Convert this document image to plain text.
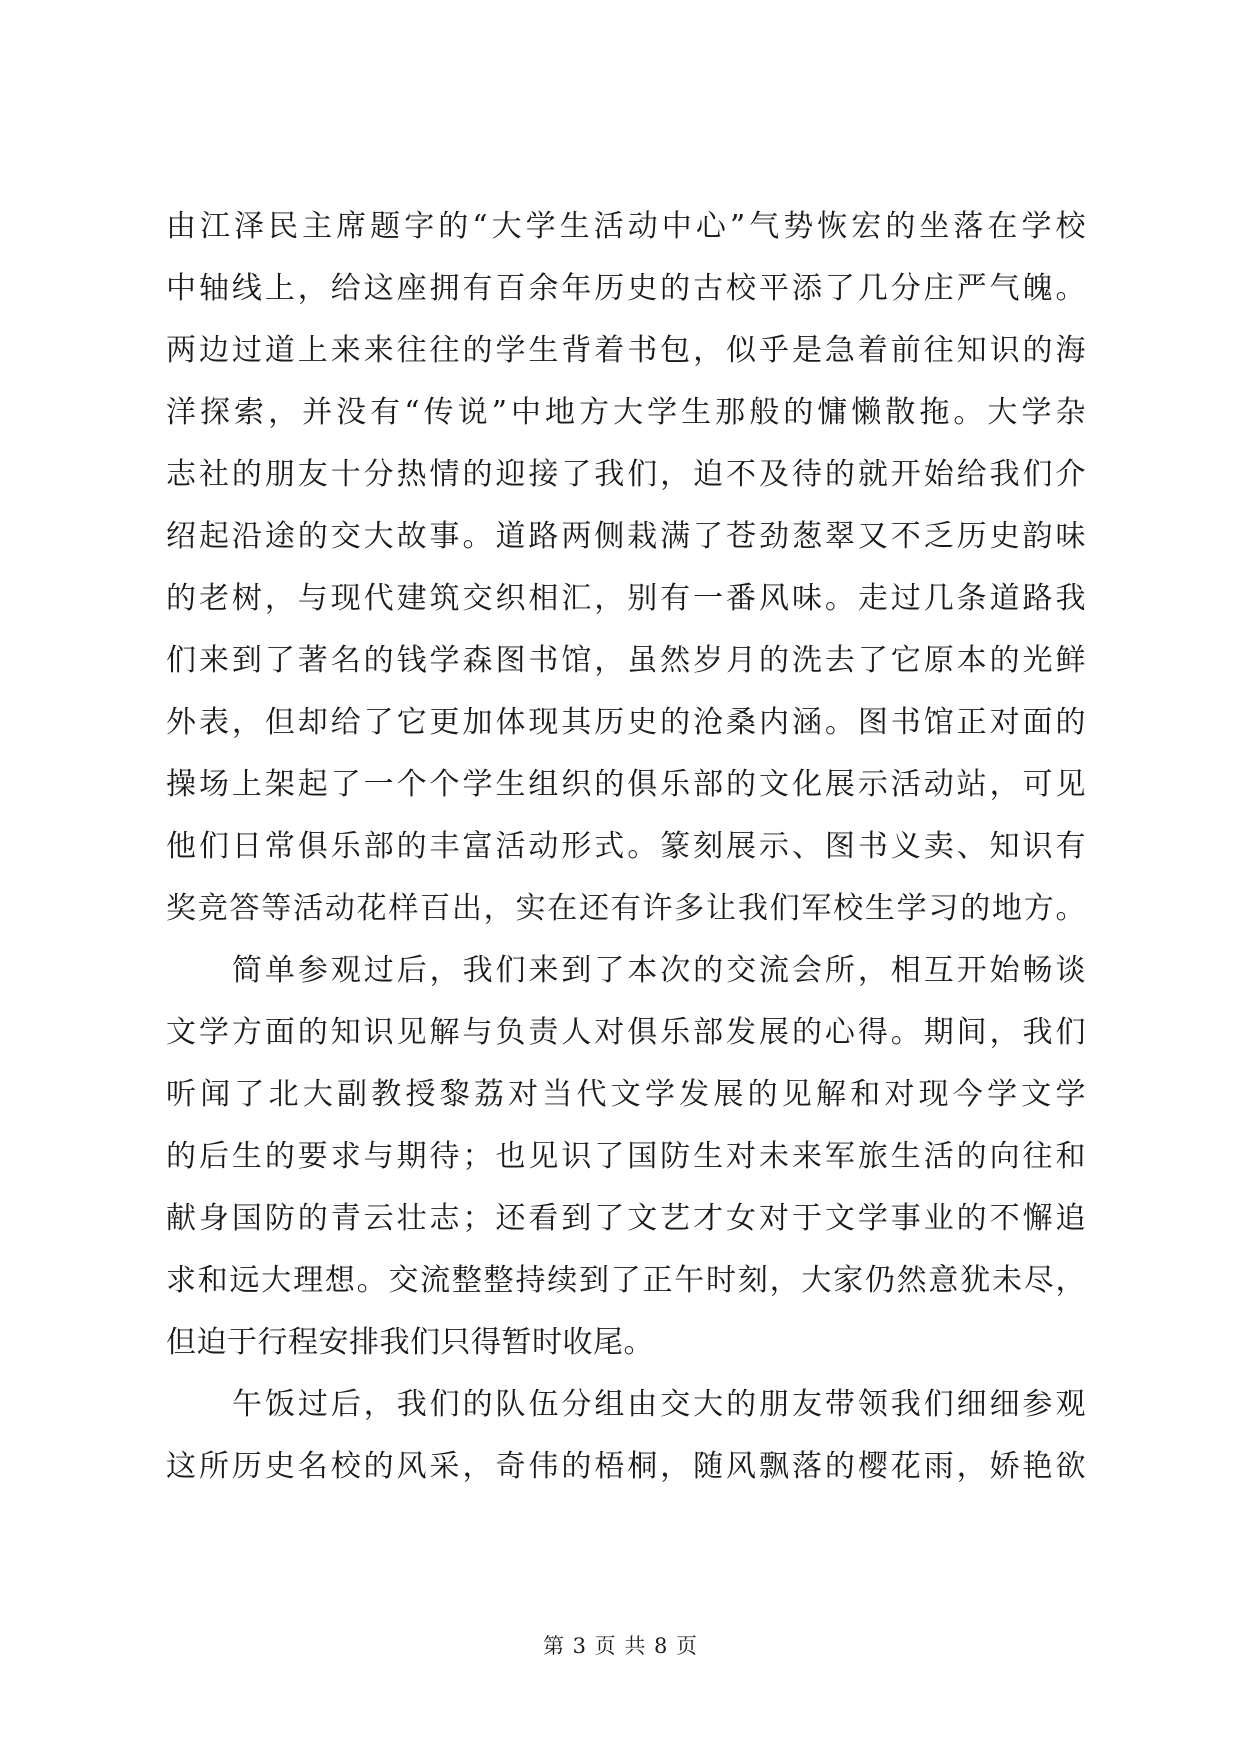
由江泽民主席题字的“大学生活动中心”气势恢宏的坐落在学校
中轴线上，给这座拥有百余年历史的古校平添了几分庄严气魄。
两边过道上来来往往的学生背着书包，似乎是急着前往知识的海
洋探索，并没有“传说”中地方大学生那般的慵懒散拖。大学杂
志社的朋友十分热情的迎接了我们，迫不及待的就开始给我们介
绍起沿途的交大故事。道路两侧栽满了苍劲葱翠又不乏历史韵味
的老树，与现代建筑交织相汇，别有一番风味。走过几条道路我
们来到了著名的钱学森图书馆，虽然岁月的洗去了它原本的光鲜
外表，但却给了它更加体现其历史的沧桑内涵。图书馆正对面的
操场上架起了一个个学生组织的俱乐部的文化展示活动站，可见
他们日常俱乐部的丰富活动形式。篆刻展示、图书义卖、知识有
奖竞答等活动花样百出，实在还有许多让我们军校生学习的地方。
简单参观过后，我们来到了本次的交流会所，相互开始畅谈
文学方面的知识见解与负责人对俱乐部发展的心得。期间，我们
听闻了北大副教授黎荔对当代文学发展的见解和对现今学文学
的后生的要求与期待；也见识了国防生对未来军旅生活的向往和
献身国防的青云壮志；还看到了文艺才女对于文学事业的不懈追
求和远大理想。交流整整持续到了正午时刻，大家仍然意犹未尽，
但迫于行程安排我们只得暂时收尾。
午饭过后，我们的队伍分组由交大的朋友带领我们细细参观
这所历史名校的风采，奇伟的梧桐，随风飘落的樱花雨，娇艳欲
第 3 页 共 8 页
